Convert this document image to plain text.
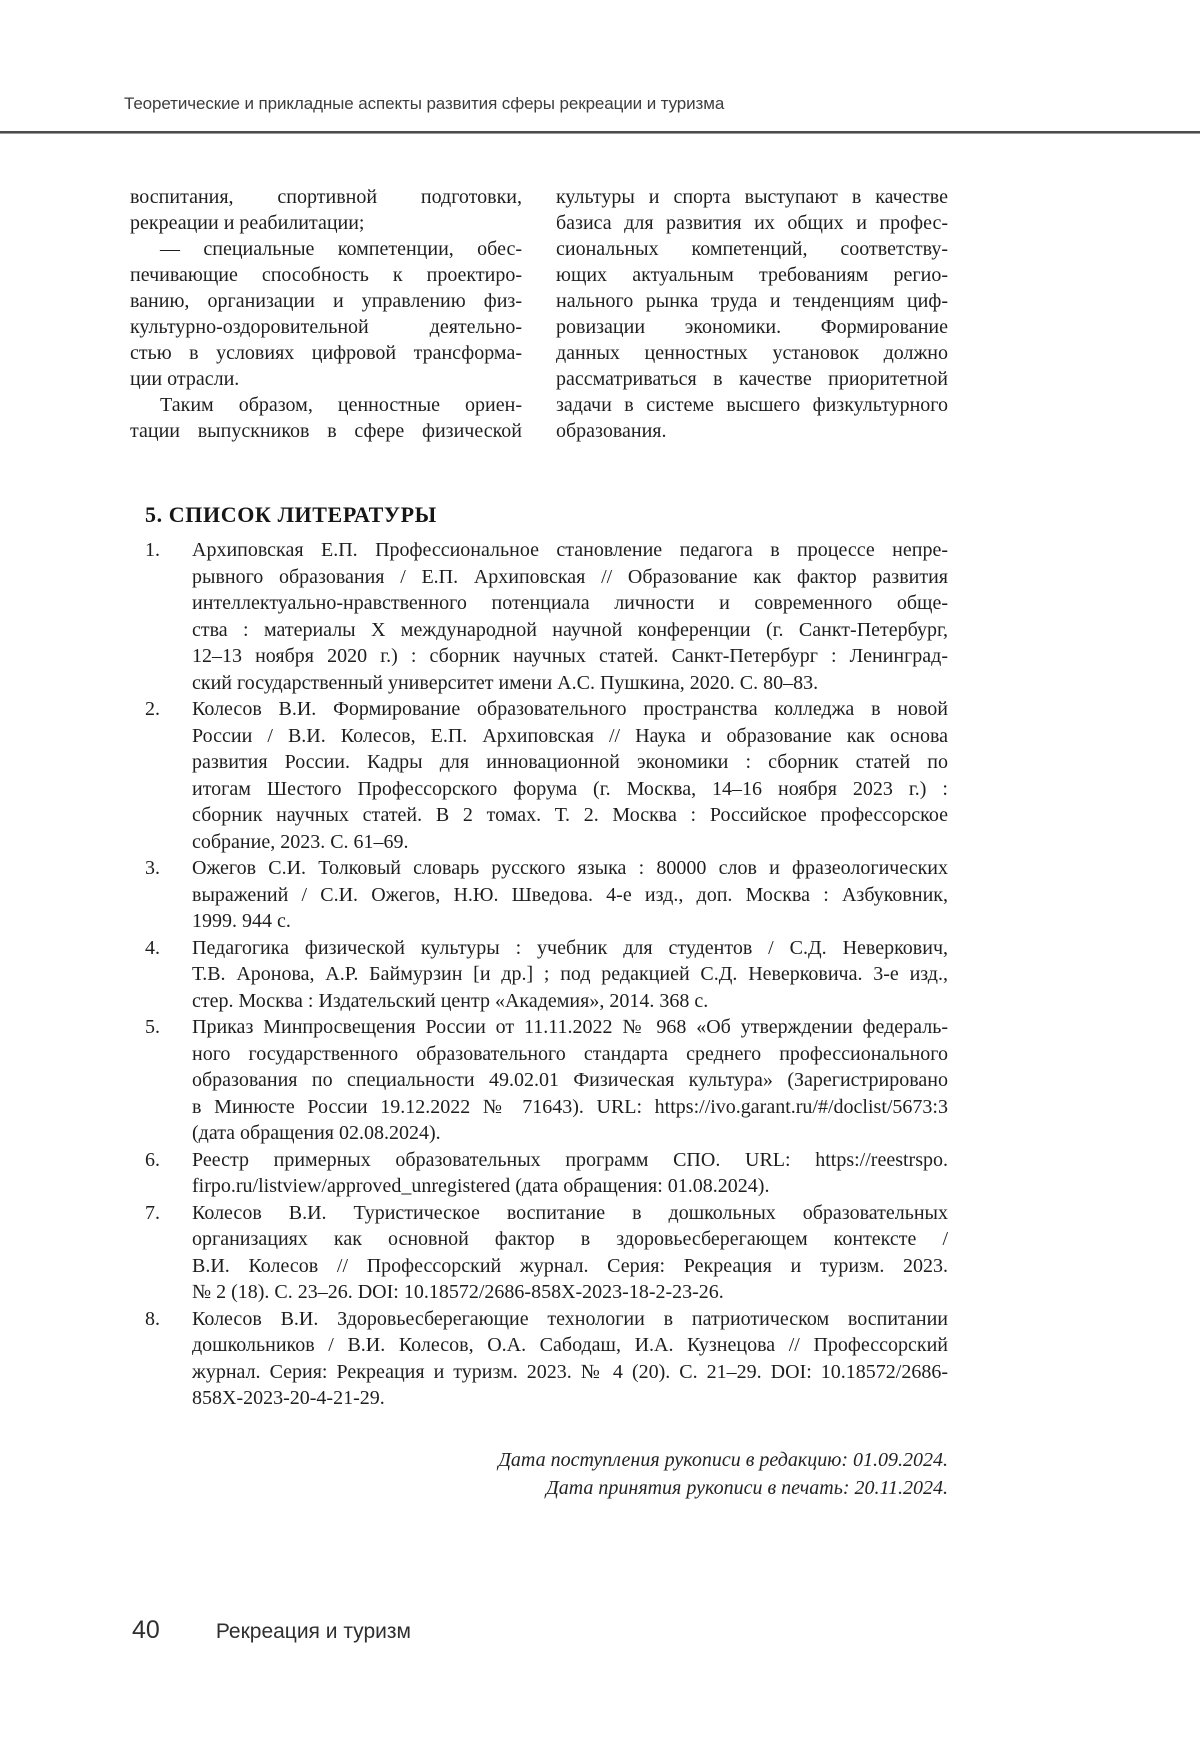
Теоретические и прикладные аспекты развития сферы рекреации и туризма
воспитания, спортивной подготовки,
рекреации и реабилитации;
— специальные компетенции, обес-
печивающие способность к проектиро-
ванию, организации и управлению физ-
культурно-оздоровительной деятельно-
стью в условиях цифровой трансформа-
ции отрасли.
Таким образом, ценностные ориен-
тации выпускников в сфере физической
культуры и спорта выступают в качестве
базиса для развития их общих и профес-
сиональных компетенций, соответству-
ющих актуальным требованиям регио-
нального рынка труда и тенденциям циф-
ровизации экономики. Формирование
данных ценностных установок должно
рассматриваться в качестве приоритетной
задачи в системе высшего физкультурного
образования.
5. СПИСОК ЛИТЕРАТУРЫ
1. Архиповская Е.П. Профессиональное становление педагога в процессе непре-
рывного образования / Е.П. Архиповская // Образование как фактор развития
интеллектуально-нравственного потенциала личности и современного обще-
ства : материалы X международной научной конференции (г. Санкт-Петербург,
12–13 ноября 2020 г.) : сборник научных статей. Санкт-Петербург : Ленинград-
ский государственный университет имени А.С. Пушкина, 2020. С. 80–83.
2. Колесов В.И. Формирование образовательного пространства колледжа в новой
России / В.И. Колесов, Е.П. Архиповская // Наука и образование как основа
развития России. Кадры для инновационной экономики : сборник статей по
итогам Шестого Профессорского форума (г. Москва, 14–16 ноября 2023 г.) :
сборник научных статей. В 2 томах. Т. 2. Москва : Российское профессорское
собрание, 2023. С. 61–69.
3. Ожегов С.И. Толковый словарь русского языка : 80000 слов и фразеологических
выражений / С.И. Ожегов, Н.Ю. Шведова. 4-е изд., доп. Москва : Азбуковник,
1999. 944 с.
4. Педагогика физической культуры : учебник для студентов / С.Д. Неверкович,
Т.В. Аронова, А.Р. Баймурзин [и др.] ; под редакцией С.Д. Неверковича. 3-е изд.,
стер. Москва : Издательский центр «Академия», 2014. 368 с.
5. Приказ Минпросвещения России от 11.11.2022 № 968 «Об утверждении федераль-
ного государственного образовательного стандарта среднего профессионального
образования по специальности 49.02.01 Физическая культура» (Зарегистрировано
в Минюсте России 19.12.2022 № 71643). URL: https://ivo.garant.ru/#/doclist/5673:3
(дата обращения 02.08.2024).
6. Реестр примерных образовательных программ СПО. URL: https://reestrspo.
firpo.ru/listview/approved_unregistered (дата обращения: 01.08.2024).
7. Колесов В.И. Туристическое воспитание в дошкольных образовательных
организациях как основной фактор в здоровьесберегающем контексте /
В.И. Колесов // Профессорский журнал. Серия: Рекреация и туризм. 2023.
№ 2 (18). С. 23–26. DOI: 10.18572/2686-858X-2023-18-2-23-26.
8. Колесов В.И. Здоровьесберегающие технологии в патриотическом воспитании
дошкольников / В.И. Колесов, О.А. Сабодаш, И.А. Кузнецова // Профессорский
журнал. Серия: Рекреация и туризм. 2023. № 4 (20). С. 21–29. DOI: 10.18572/2686-
858X-2023-20-4-21-29.
Дата поступления рукописи в редакцию: 01.09.2024.
Дата принятия рукописи в печать: 20.11.2024.
40	Рекреация и туризм
